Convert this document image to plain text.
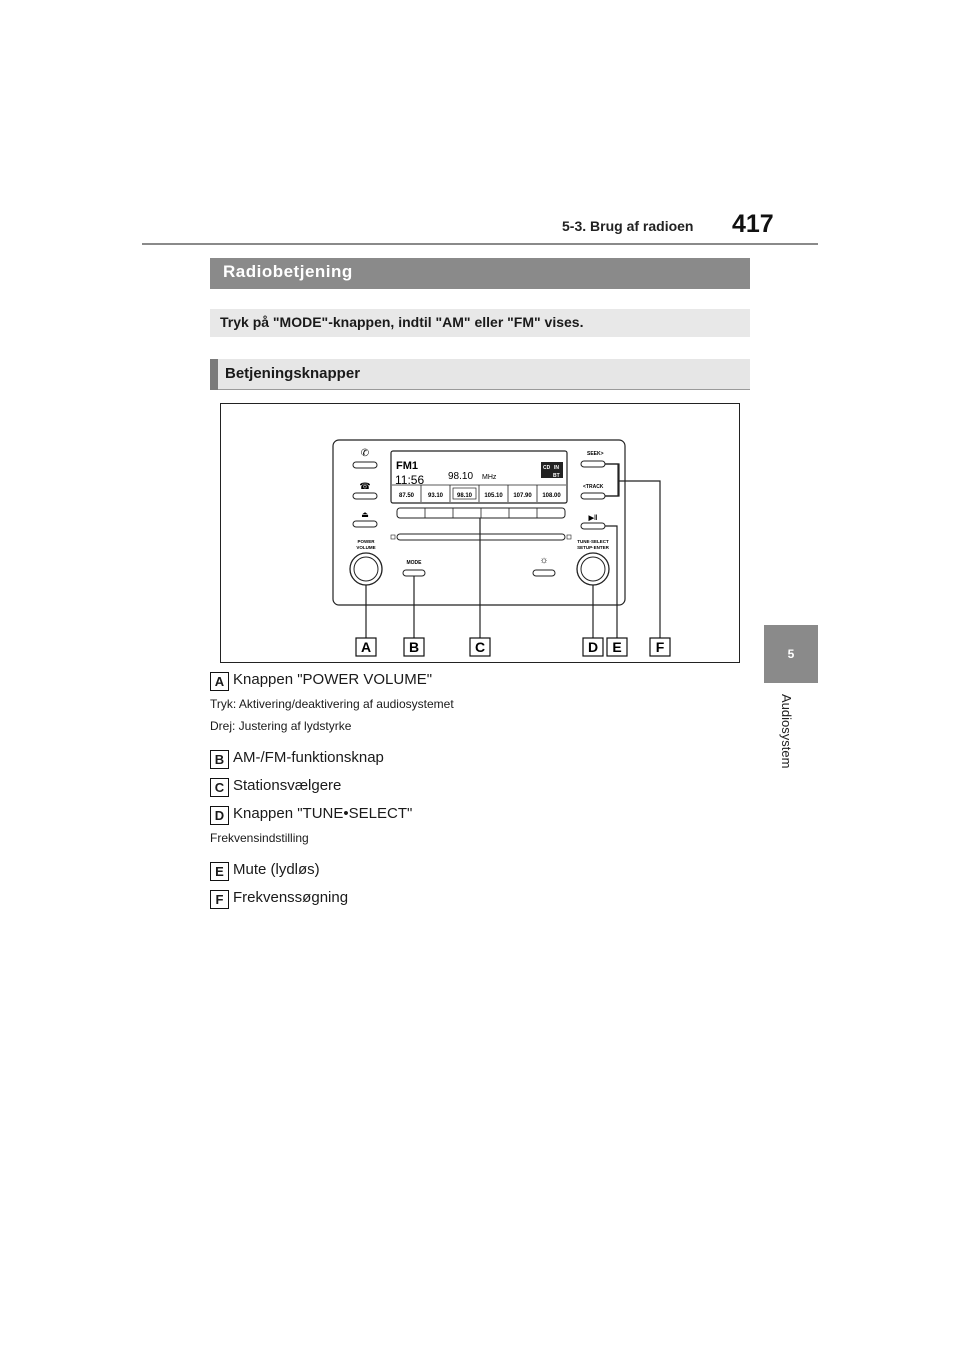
5-3. Brug af radioen 417
5
Audiosystem
Radiobetjening
Tryk på "MODE"-knappen, indtil "AM" eller "FM" vises.
Betjeningsknapper
✆
☎
⏏
POWER
VOLUME
FM1
11:56 98.10 MHz
CD IN
BT
87.50 93.10 98.10 105.10 107.90 108.00
MODE	☼
SEEK>
<TRACK
▶‖
TUNE·SELECT
SETUP·ENTER
A	B	C	D E F
A Knappen "POWER VOLUME"
Tryk: Aktivering/deaktivering af audiosystemet
Drej: Justering af lydstyrke
B AM-/FM-funktionsknap
C Stationsvælgere
D Knappen "TUNE•SELECT"
Frekvensindstilling
E Mute (lydløs)
F Frekvenssøgning
